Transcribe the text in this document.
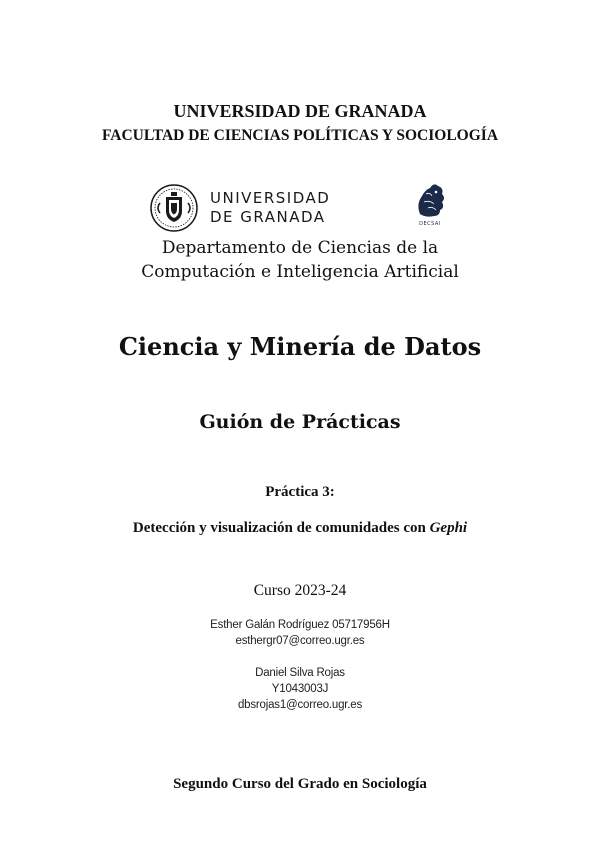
UNIVERSIDAD DE GRANADA
FACULTAD DE CIENCIAS POLÍTICAS Y SOCIOLOGÍA
UNIVERSIDAD
DE GRANADA	DECSAI
Departamento de Ciencias de la
Computación e Inteligencia Artificial
Ciencia y Minería de Datos
Guión de Prácticas
Práctica 3:
Detección y visualización de comunidades con Gephi
Curso 2023-24
Esther Galán Rodríguez 05717956H
esthergr07@correo.ugr.es
Daniel Silva Rojas
Y1043003J
dbsrojas1@correo.ugr.es
Segundo Curso del Grado en Sociología
